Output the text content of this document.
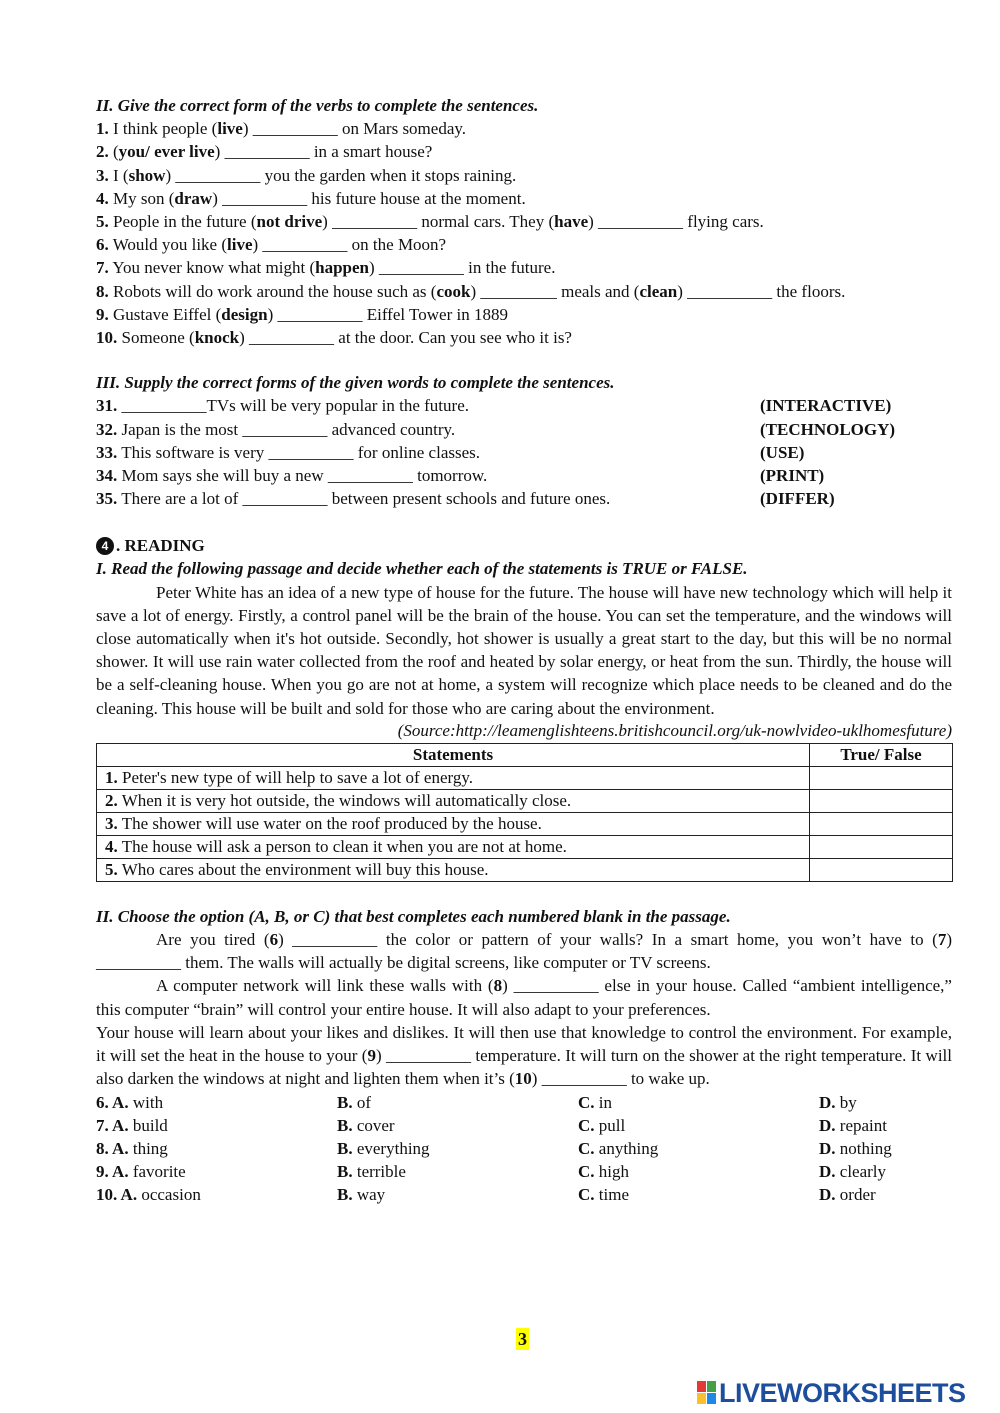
II. Give the correct form of the verbs to complete the sentences.
1. I think people (live) __________ on Mars someday.
2. (you/ ever live) __________ in a smart house?
3. I (show) __________ you the garden when it stops raining.
4. My son (draw) __________ his future house at the moment.
5. People in the future (not drive) __________ normal cars. They (have) __________ flying cars.
6. Would you like (live) __________ on the Moon?
7. You never know what might (happen) __________ in the future.
8. Robots will do work around the house such as (cook) _________ meals and (clean) __________ the floors.
9. Gustave Eiffel (design) __________ Eiffel Tower in 1889
10. Someone (knock) __________ at the door. Can you see who it is?
III. Supply the correct forms of the given words to complete the sentences.
31. __________TVs will be very popular in the future.	(INTERACTIVE)
32. Japan is the most __________ advanced country.	(TECHNOLOGY)
33. This software is very __________ for online classes.	(USE)
34. Mom says she will buy a new __________ tomorrow.	(PRINT)
35. There are a lot of __________ between present schools and future ones.	(DIFFER)
4 . READING
I. Read the following passage and decide whether each of the statements is TRUE or FALSE.
Peter White has an idea of a new type of house for the future. The house will have new technology which will help it save a lot of energy. Firstly, a control panel will be the brain of the house. You can set the temperature, and the windows will close automatically when it's hot outside. Secondly, hot shower is usually a great start to the day, but this will be no normal shower. It will use rain water collected from the roof and heated by solar energy, or heat from the sun. Thirdly, the house will be a self-cleaning house. When you go are not at home, a system will recognize which place needs to be cleaned and do the cleaning. This house will be built and sold for those who are caring about the environment.
(Source:http://leamenglishteens.britishcouncil.org/uk-nowlvideo-uklhomesfuture)
Statements	True/ False
1. Peter's new type of will help to save a lot of energy.	
2. When it is very hot outside, the windows will automatically close.	
3. The shower will use water on the roof produced by the house.	
4. The house will ask a person to clean it when you are not at home.	
5. Who cares about the environment will buy this house.	
II. Choose the option (A, B, or C) that best completes each numbered blank in the passage.
Are you tired (6) __________ the color or pattern of your walls? In a smart home, you won’t have to (7) __________ them. The walls will actually be digital screens, like computer or TV screens.
A computer network will link these walls with (8) __________ else in your house. Called “ambient intelligence,” this computer “brain” will control your entire house. It will also adapt to your preferences.
Your house will learn about your likes and dislikes. It will then use that knowledge to control the environment. For example, it will set the heat in the house to your (9) __________ temperature. It will turn on the shower at the right temperature. It will also darken the windows at night and lighten them when it’s (10) __________ to wake up.
6. A. with	B. of	C. in	D. by
7. A. build	B. cover	C. pull	D. repaint
8. A. thing	B. everything	C. anything	D. nothing
9. A. favorite	B. terrible	C. high	D. clearly
10. A. occasion	B. way	C. time	D. order
3
LIVEWORKSHEETS
